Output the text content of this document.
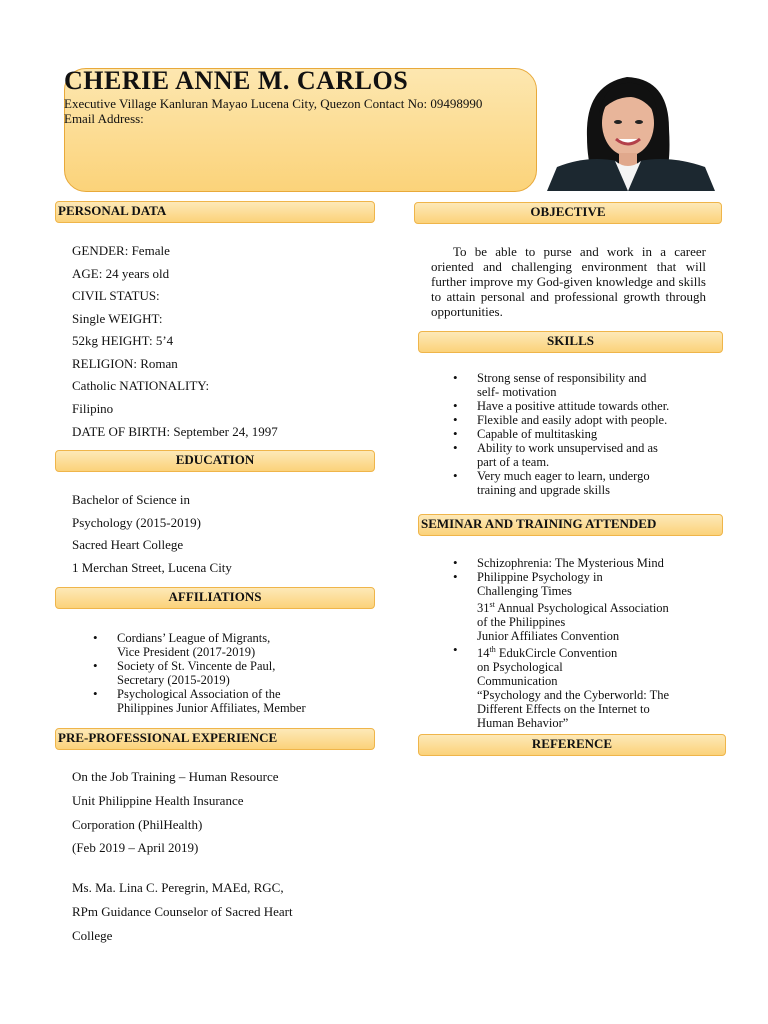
CHERIE ANNE M. CARLOS
Executive Village Kanluran Mayao Lucena City, Quezon Contact No: 09498990
Email Address:
PERSONAL DATA
GENDER: Female
AGE: 24 years old
CIVIL STATUS:
Single WEIGHT:
52kg HEIGHT: 5’4
RELIGION: Roman
Catholic NATIONALITY:
Filipino
DATE OF BIRTH: September 24, 1997
EDUCATION
Bachelor of Science in
Psychology (2015-2019)
Sacred Heart College
1 Merchan Street, Lucena City
AFFILIATIONS
• Cordians’ League of Migrants,
Vice President (2017-2019)
• Society of St. Vincente de Paul,
Secretary (2015-2019)
• Psychological Association of the
Philippines Junior Affiliates, Member
PRE-PROFESSIONAL EXPERIENCE
On the Job Training – Human Resource
Unit Philippine Health Insurance
Corporation (PhilHealth)
(Feb 2019 – April 2019)
Ms. Ma. Lina C. Peregrin, MAEd, RGC,
RPm Guidance Counselor of Sacred Heart
College
OBJECTIVE
To be able to purse and work in a career oriented and challenging environment that will further improve my God-given knowledge and skills to attain personal and professional growth through opportunities.
SKILLS
• Strong sense of responsibility and
self- motivation
• Have a positive attitude towards other.
• Flexible and easily adopt with people.
• Capable of multitasking
• Ability to work unsupervised and as
part of a team.
• Very much eager to learn, undergo
training and upgrade skills
SEMINAR AND TRAINING ATTENDED
• Schizophrenia: The Mysterious Mind
• Philippine Psychology in
Challenging Times
31st Annual Psychological Association
of the Philippines
Junior Affiliates Convention
• 14th EdukCircle Convention
on Psychological
Communication
“Psychology and the Cyberworld: The
Different Effects on the Internet to
Human Behavior”
REFERENCE
